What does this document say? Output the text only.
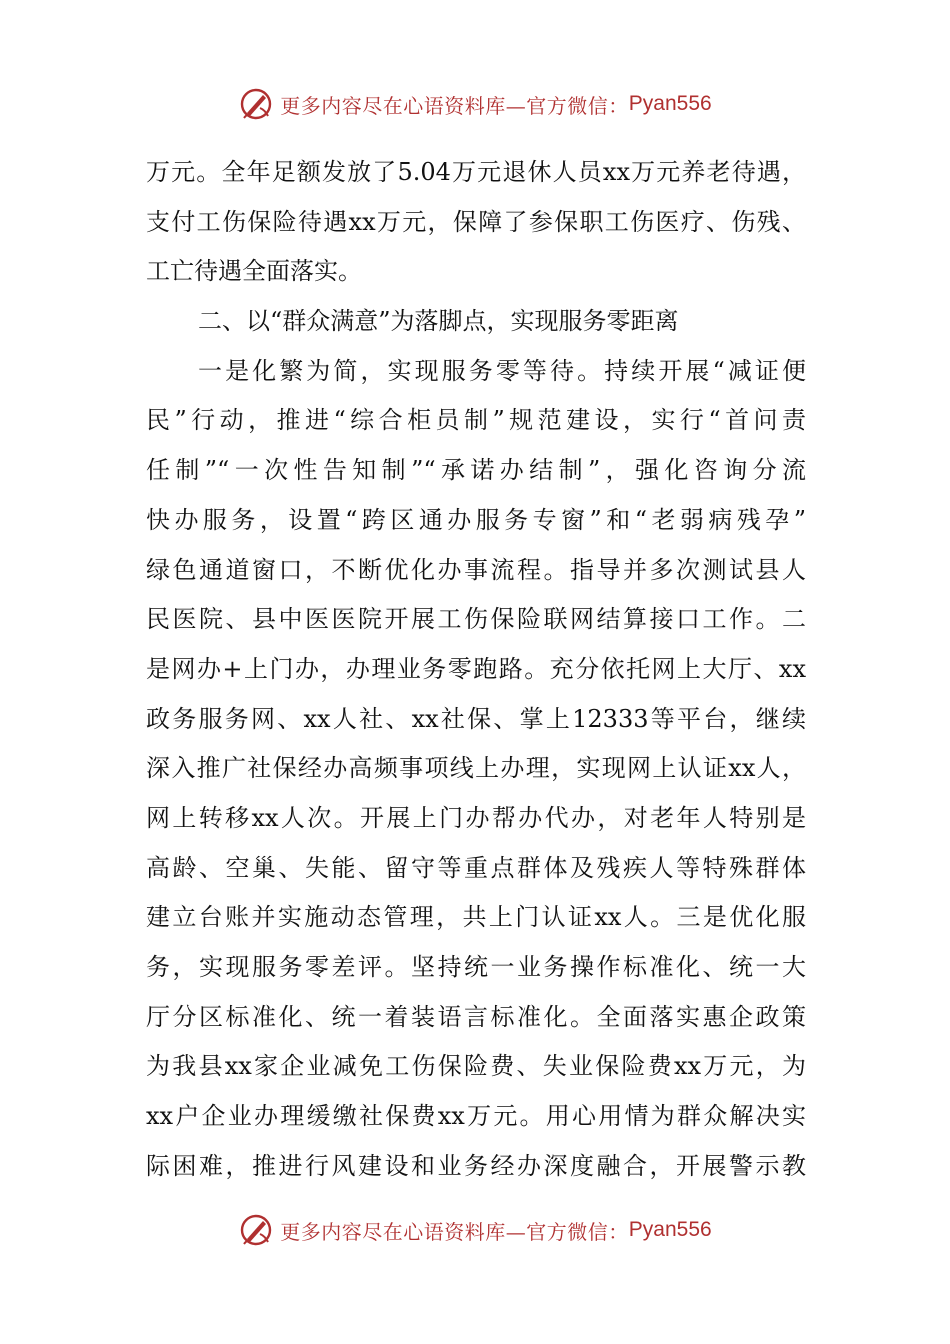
更多内容尽在心语资料库—官方微信： Pyan556
万元。全年足额发放了5.04万元退休人员xx万元养老待遇，
支付工伤保险待遇xx万元，保障了参保职工伤医疗、伤残、
工亡待遇全面落实。
二、以“群众满意”为落脚点，实现服务零距离
一是化繁为简，实现服务零等待。持续开展“减证便
民”行动，推进“综合柜员制”规范建设，实行“首问责
任制”“一次性告知制”“承诺办结制”，强化咨询分流
快办服务，设置“跨区通办服务专窗”和“老弱病残孕”
绿色通道窗口，不断优化办事流程。指导并多次测试县人
民医院、县中医医院开展工伤保险联网结算接口工作。二
是网办+上门办，办理业务零跑路。充分依托网上大厅、xx
政务服务网、xx人社、xx社保、掌上12333等平台，继续
深入推广社保经办高频事项线上办理，实现网上认证xx人，
网上转移xx人次。开展上门办帮办代办，对老年人特别是
高龄、空巢、失能、留守等重点群体及残疾人等特殊群体
建立台账并实施动态管理，共上门认证xx人。三是优化服
务，实现服务零差评。坚持统一业务操作标准化、统一大
厅分区标准化、统一着装语言标准化。全面落实惠企政策
为我县xx家企业减免工伤保险费、失业保险费xx万元，为
xx户企业办理缓缴社保费xx万元。用心用情为群众解决实
际困难，推进行风建设和业务经办深度融合，开展警示教
更多内容尽在心语资料库—官方微信： Pyan556
